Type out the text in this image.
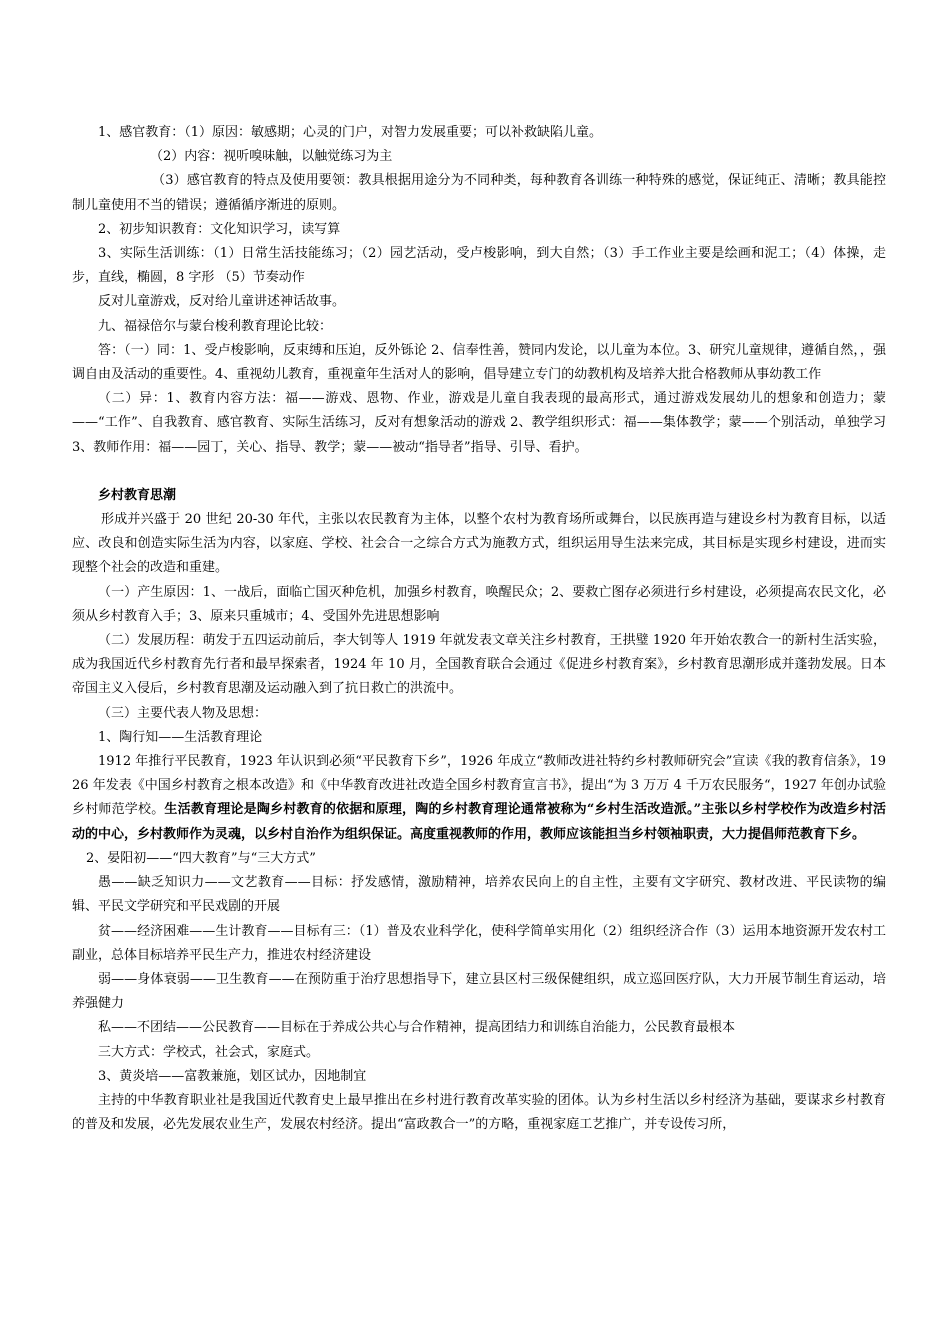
1、感官教育：（1）原因：敏感期；心灵的门户，对智力发展重要；可以补救缺陷儿童。

（2）内容：视听嗅味触，以触觉练习为主

（3）感官教育的特点及使用要领：教具根据用途分为不同种类，每种教育各训练一种特殊的感觉，保证纯正、清晰；教具能控制儿童使用不当的错误；遵循循序渐进的原则。

2、初步知识教育：文化知识学习，读写算

3、实际生活训练：（1）日常生活技能练习；（2）园艺活动，受卢梭影响，到大自然；（3）手工作业主要是绘画和泥工；（4）体操，走步，直线，椭圆，8 字形 （5）节奏动作

反对儿童游戏，反对给儿童讲述神话故事。

九、福禄倍尔与蒙台梭利教育理论比较：

答：（一）同：1、受卢梭影响，反束缚和压迫，反外铄论 2、信奉性善，赞同内发论，以儿童为本位。3、研究儿童规律，遵循自然，，强调自由及活动的重要性。4、重视幼儿教育，重视童年生活对人的影响，倡导建立专门的幼教机构及培养大批合格教师从事幼教工作

（二）异：1、教育内容方法：福——游戏、恩物、作业，游戏是儿童自我表现的最高形式，通过游戏发展幼儿的想象和创造力；蒙——“工作”、自我教育、感官教育、实际生活练习，反对有想象活动的游戏 2、教学组织形式：福——集体教学；蒙——个别活动，单独学习 3、教师作用：福——园丁，关心、指导、教学；蒙——被动“指导者”指导、引导、看护。

乡村教育思潮

形成并兴盛于 20 世纪 20-30 年代，主张以农民教育为主体，以整个农村为教育场所或舞台，以民族再造与建设乡村为教育目标，以适应、改良和创造实际生活为内容，以家庭、学校、社会合一之综合方式为施教方式，组织运用导生法来完成，其目标是实现乡村建设，进而实现整个社会的改造和重建。

（一）产生原因：1、一战后，面临亡国灭种危机，加强乡村教育，唤醒民众；2、要救亡图存必须进行乡村建设，必须提高农民文化，必须从乡村教育入手；3、原来只重城市；4、受国外先进思想影响

（二）发展历程：萌发于五四运动前后，李大钊等人 1919 年就发表文章关注乡村教育，王拱璧 1920 年开始农教合一的新村生活实验，成为我国近代乡村教育先行者和最早探索者，1924 年 10 月，全国教育联合会通过《促进乡村教育案》，乡村教育思潮形成并蓬勃发展。日本帝国主义入侵后，乡村教育思潮及运动融入到了抗日救亡的洪流中。

（三）主要代表人物及思想：

1、陶行知——生活教育理论

1912 年推行平民教育，1923 年认识到必须“平民教育下乡”，1926 年成立“教师改进社特约乡村教师研究会”宣读《我的教育信条》，1926 年发表《中国乡村教育之根本改造》和《中华教育改进社改造全国乡村教育宣言书》，提出“为 3 万万 4 千万农民服务“，1927 年创办试验乡村师范学校。生活教育理论是陶乡村教育的依据和原理，陶的乡村教育理论通常被称为“乡村生活改造派。”主张以乡村学校作为改造乡村活动的中心，乡村教师作为灵魂，以乡村自治作为组织保证。高度重视教师的作用，教师应该能担当乡村领袖职责，大力提倡师范教育下乡。

2、晏阳初——“四大教育”与“三大方式”

愚——缺乏知识力——文艺教育——目标：抒发感情，激励精神，培养农民向上的自主性，主要有文字研究、教材改进、平民读物的编辑、平民文学研究和平民戏剧的开展

贫——经济困难——生计教育——目标有三：（1）普及农业科学化，使科学简单实用化（2）组织经济合作（3）运用本地资源开发农村工副业，总体目标培养平民生产力，推进农村经济建设

弱——身体衰弱——卫生教育——在预防重于治疗思想指导下，建立县区村三级保健组织，成立巡回医疗队，大力开展节制生育运动，培养强健力

私——不团结——公民教育——目标在于养成公共心与合作精神，提高团结力和训练自治能力，公民教育最根本

三大方式：学校式，社会式，家庭式。

3、黄炎培——富教兼施，划区试办，因地制宜

主持的中华教育职业社是我国近代教育史上最早推出在乡村进行教育改革实验的团体。认为乡村生活以乡村经济为基础，要谋求乡村教育的普及和发展，必先发展农业生产，发展农村经济。提出“富政教合一”的方略，重视家庭工艺推广，并专设传习所，
